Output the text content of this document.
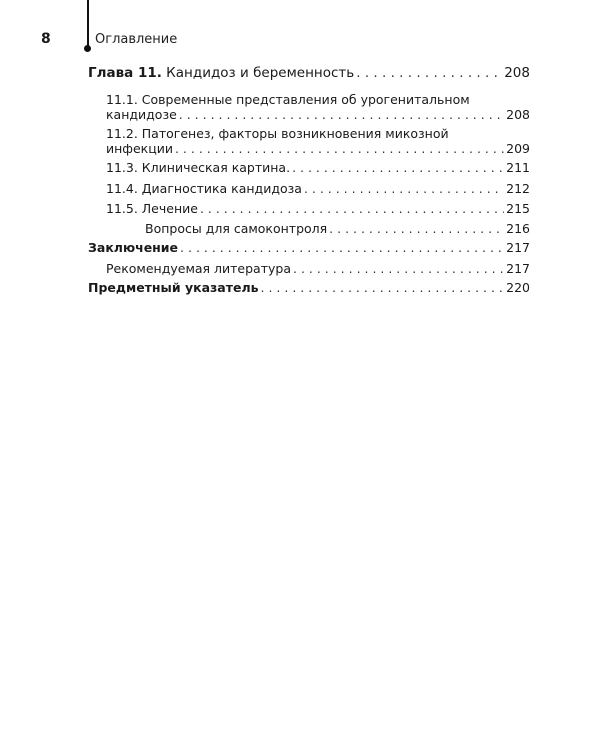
8	Оглавление
Глава 11. Кандидоз и беременность . . .	208
11.1. Современные представления об урогенитальном
кандидозе . . .	208
11.2. Патогенез, факторы возникновения микозной
инфекции . . .	209
11.3. Клиническая картина. . . .	211
11.4. Диагностика кандидоза . . .	212
11.5. Лечение . . .	215
Вопросы для самоконтроля . . .	216
Заключение . . .	217
Рекомендуемая литература . . .	217
Предметный указатель . . .	220
